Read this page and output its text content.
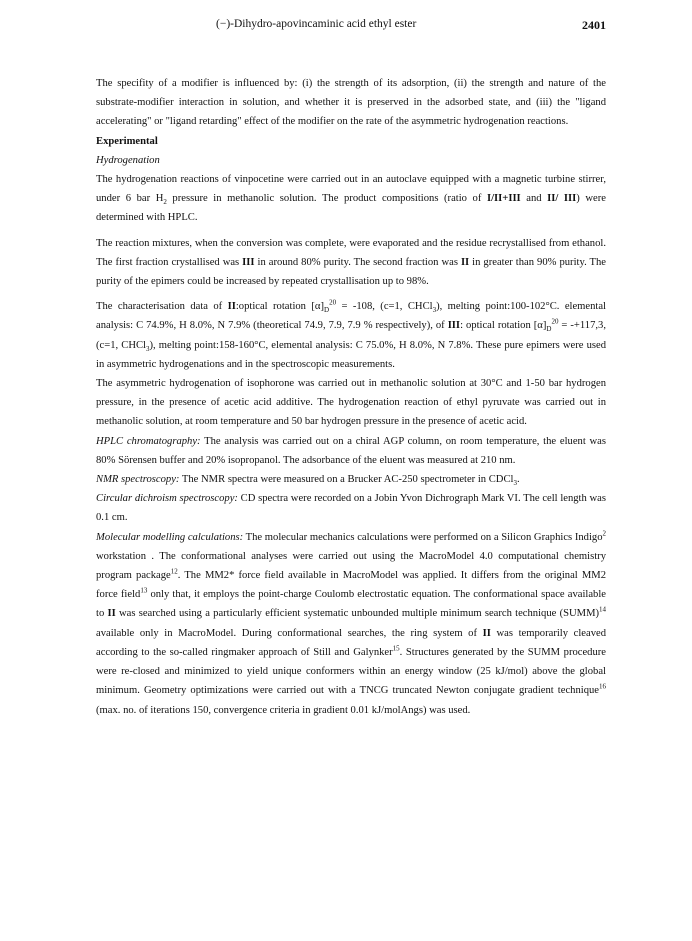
(−)-Dihydro-apovincaminic acid ethyl ester	2401

The specifity of a modifier is influenced by: (i) the strength of its adsorption, (ii) the strength and nature of the substrate-modifier interaction in solution, and whether it is preserved in the adsorbed state, and (iii) the "ligand accelerating" or "ligand retarding" effect of the modifier on the rate of the asymmetric hydrogenation reactions.

Experimental

Hydrogenation

The hydrogenation reactions of vinpocetine were carried out in an autoclave equipped with a magnetic turbine stirrer, under 6 bar $H_2$ pressure in methanolic solution. The product compositions (ratio of I/II+III and II/ III) were determined with HPLC.

The reaction mixtures, when the conversion was complete, were evaporated and the residue recrystallised from ethanol. The first fraction crystallised was III in around 80% purity. The second fraction was II in greater than 90% purity. The purity of the epimers could be increased by repeated crystallisation up to 98%.

The characterisation data of II:optical rotation $[\alpha]_D^{20} = -108$, (c=1, CHCl$_3$), melting point:100-102°C. elemental analysis: C 74.9%, H 8.0%, N 7.9% (theoretical 74.9, 7.9, 7.9 % respectively), of III: optical rotation $[\alpha]_D^{20} = -+117,3$, (c=1, CHCl$_3$), melting point:158-160°C, elemental analysis: C 75.0%, H 8.0%, N 7.8%. These pure epimers were used in asymmetric hydrogenations and in the spectroscopic measurements.

The asymmetric hydrogenation of isophorone was carried out in methanolic solution at 30°C and 1-50 bar hydrogen pressure, in the presence of acetic acid additive. The hydrogenation reaction of ethyl pyruvate was carried out in methanolic solution, at room temperature and 50 bar hydrogen pressure in the presence of acetic acid.

HPLC chromatography: The analysis was carried out on a chiral AGP column, on room temperature, the eluent was 80% Sörensen buffer and 20% isopropanol. The adsorbance of the eluent was measured at 210 nm.

NMR spectroscopy: The NMR spectra were measured on a Brucker AC-250 spectrometer in CDCl$_3$.

Circular dichroism spectroscopy: CD spectra were recorded on a Jobin Yvon Dichrograph Mark VI. The cell length was 0.1 cm.

Molecular modelling calculations: The molecular mechanics calculations were performed on a Silicon Graphics Indigo$^2$ workstation . The conformational analyses were carried out using the MacroModel 4.0 computational chemistry program package$^{12}$. The MM2* force field available in MacroModel was applied. It differs from the original MM2 force field$^{13}$ only that, it employs the point-charge Coulomb electrostatic equation. The conformational space available to II was searched using a particularly efficient systematic unbounded multiple minimum search technique (SUMM)$^{14}$ available only in MacroModel. During conformational searches, the ring system of II was temporarily cleaved according to the so-called ringmaker approach of Still and Galynker$^{15}$. Structures generated by the SUMM procedure were re-closed and minimized to yield unique conformers within an energy window (25 kJ/mol) above the global minimum. Geometry optimizations were carried out with a TNCG truncated Newton conjugate gradient technique$^{16}$ (max. no. of iterations 150, convergence criteria in gradient 0.01 kJ/molAngs) was used.
